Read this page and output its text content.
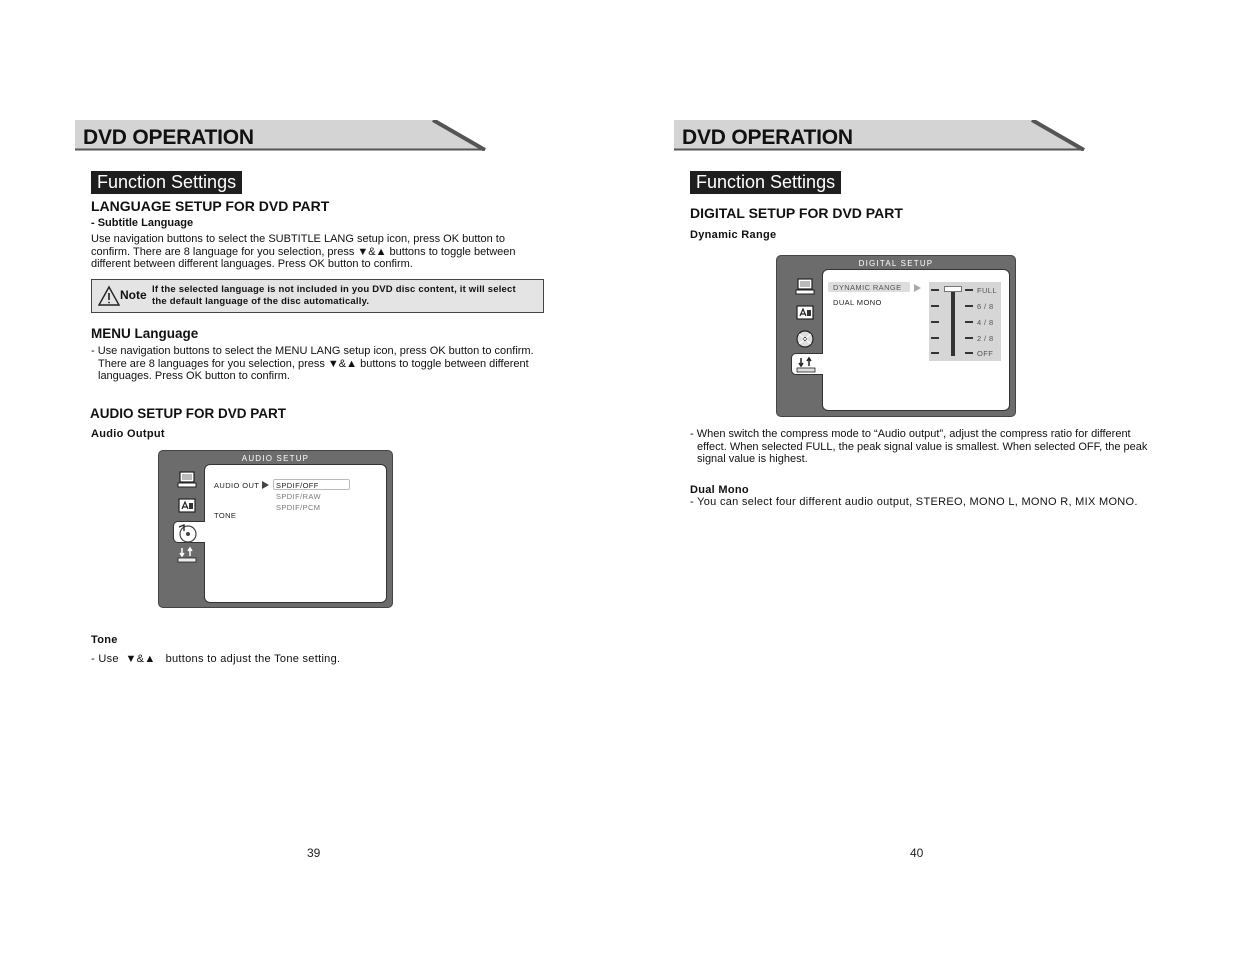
DVD OPERATION
Function Settings
LANGUAGE SETUP FOR DVD PART
- Subtitle Language
Use navigation buttons to select the SUBTITLE LANG setup icon, press OK button to
confirm. There are 8 language for you selection, press ▼&▲ buttons to toggle between
different between different languages. Press OK button to confirm.
Note If the selected language is not included in you DVD disc content, it will select
the default language of the disc automatically.
MENU Language
- Use navigation buttons to select the MENU LANG setup icon, press OK button to confirm.
There are 8 languages for you selection, press ▼&▲ buttons to toggle between different
languages. Press OK button to confirm.
AUDIO SETUP FOR DVD PART
Audio Output
AUDIO SETUP
AUDIO OUT SPDIF/OFF
SPDIF/RAW
SPDIF/PCM
TONE
Tone
- Use  ▼&▲   buttons to adjust the Tone setting.
39
DVD OPERATION
Function Settings
DIGITAL SETUP FOR DVD PART
Dynamic Range
DIGITAL SETUP
DYNAMIC RANGE
DUAL MONO
FULL
6 / 8
4 / 8
2 / 8
OFF
- When switch the compress mode to “Audio output”, adjust the compress ratio for different
effect. When selected FULL, the peak signal value is smallest. When selected OFF, the peak
signal value is highest.
Dual Mono
- You can select four different audio output, STEREO, MONO L, MONO R, MIX MONO.
40
